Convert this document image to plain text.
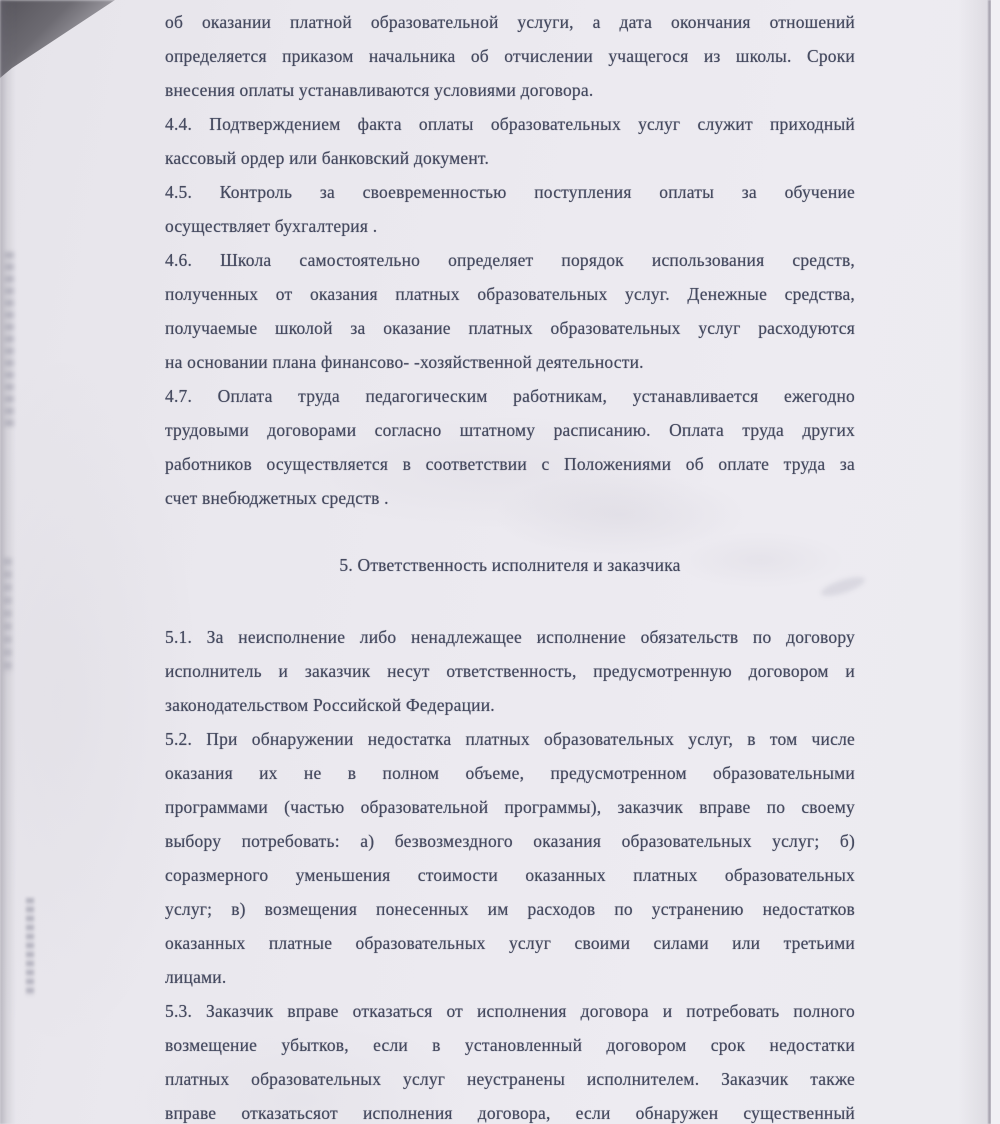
об оказании платной образовательной услуги, а дата окончания отношений
определяется приказом начальника об отчислении учащегося из школы. Сроки
внесения оплаты устанавливаются условиями договора.
4.4. Подтверждением факта оплаты образовательных услуг служит приходный
кассовый ордер или банковский документ.
4.5. Контроль за своевременностью поступления оплаты за обучение
осуществляет бухгалтерия .
4.6. Школа самостоятельно определяет порядок использования средств,
полученных от оказания платных образовательных услуг. Денежные средства,
получаемые школой за оказание платных образовательных услуг расходуются
на основании плана финансово- -хозяйственной деятельности.
4.7. Оплата труда педагогическим работникам, устанавливается ежегодно
трудовыми договорами согласно штатному расписанию. Оплата труда других
работников осуществляется в соответствии с Положениями об оплате труда за
счет внебюджетных средств .
5. Ответственность исполнителя и заказчика
5.1. За неисполнение либо ненадлежащее исполнение обязательств по договору
исполнитель и заказчик несут ответственность, предусмотренную договором и
законодательством Российской Федерации.
5.2. При обнаружении недостатка платных образовательных услуг, в том числе
оказания их не в полном объеме, предусмотренном образовательными
программами (частью образовательной программы), заказчик вправе по своему
выбору потребовать: а) безвозмездного оказания образовательных услуг; б)
соразмерного уменьшения стоимости оказанных платных образовательных
услуг; в) возмещения понесенных им расходов по устранению недостатков
оказанных платные образовательных услуг своими силами или третьими
лицами.
5.3. Заказчик вправе отказаться от исполнения договора и потребовать полного
возмещение убытков, если в установленный договором срок недостатки
платных образовательных услуг неустранены исполнителем. Заказчик также
вправе отказатьсяот исполнения договора, если обнаружен существенный
